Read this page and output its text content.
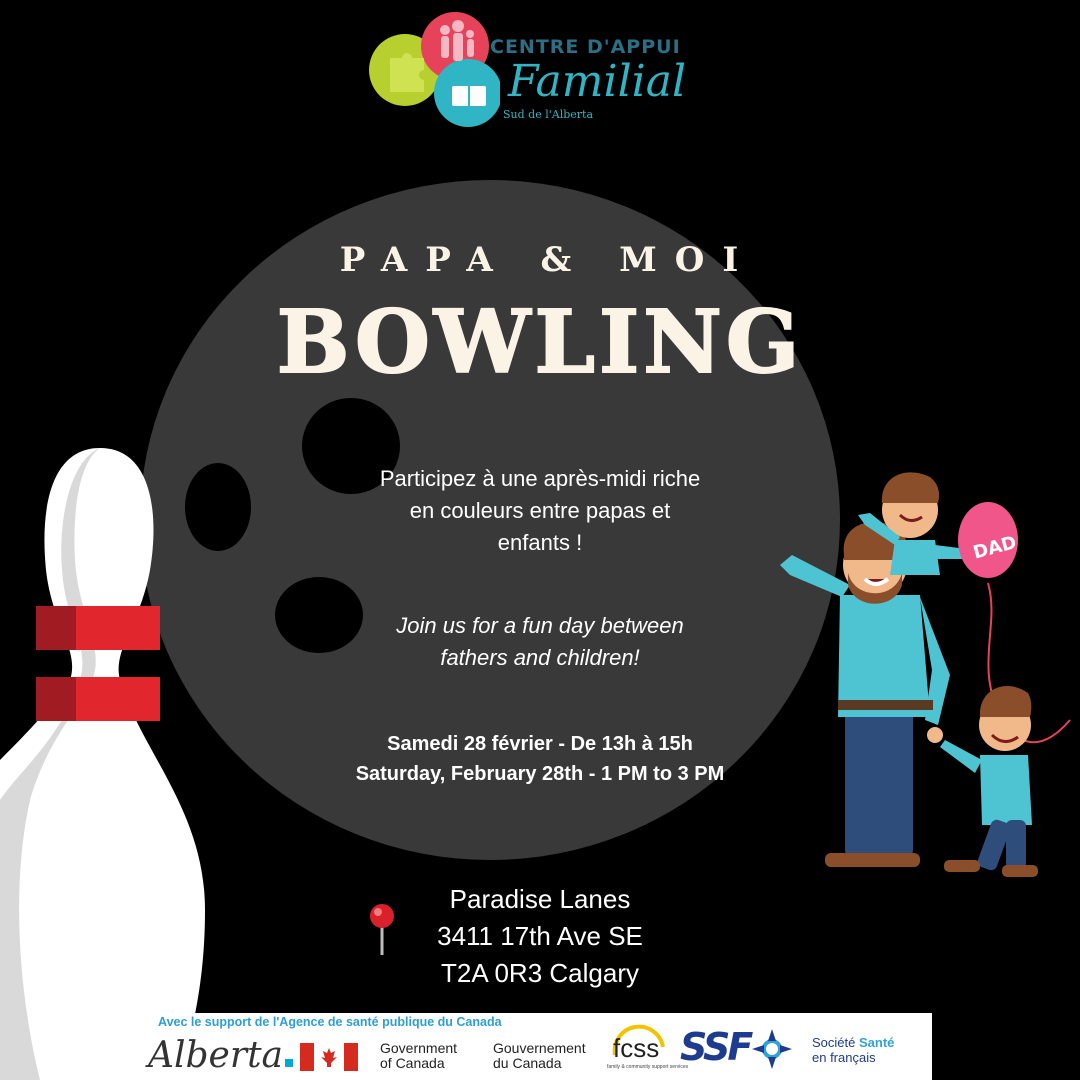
CENTRE D'APPUI
Familial
Sud de l'Alberta
PAPA & MOI
BOWLING
Participez à une après-midi riche
en couleurs entre papas et
enfants !
Join us for a fun day between
fathers and children!
Samedi 28 février - De 13h à 15h
Saturday, February 28th - 1 PM to 3 PM
DAD
Paradise Lanes
3411 17th Ave SE
T2A 0R3 Calgary
Avec le support de l'Agence de santé publique du Canada
Alberta	Government
of Canada
Gouvernement
du Canada	fcss
family & community support services
SSF	Société Santé
en français
